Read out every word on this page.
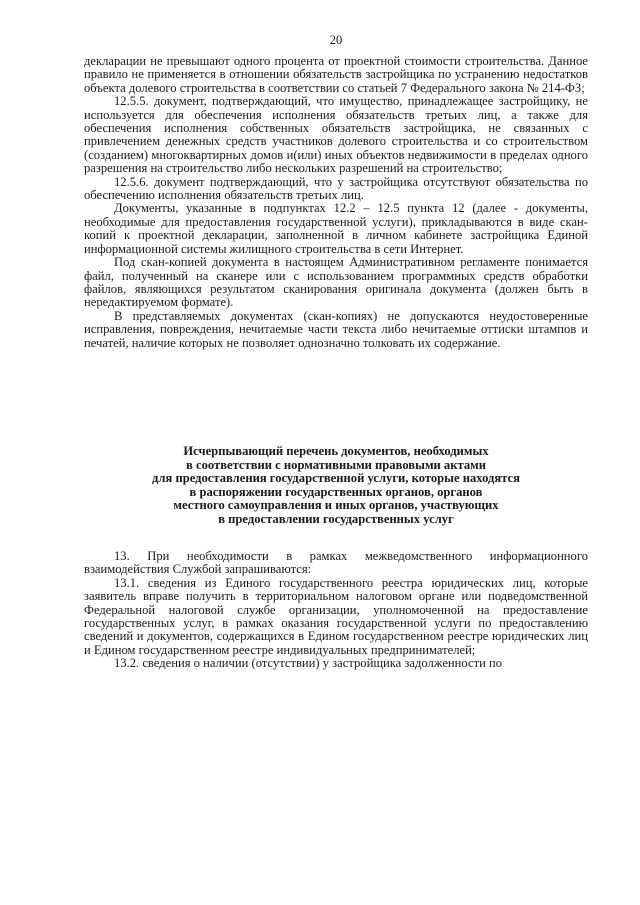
20

декларации не превышают одного процента от проектной стоимости строительства. Данное правило не применяется в отношении обязательств застройщика по устранению недостатков объекта долевого строительства в соответствии со статьей 7 Федерального закона № 214-ФЗ;

12.5.5. документ, подтверждающий, что имущество, принадлежащее застройщику, не используется для обеспечения исполнения обязательств третьих лиц, а также для обеспечения исполнения собственных обязательств застройщика, не связанных с привлечением денежных средств участников долевого строительства и со строительством (созданием) многоквартирных домов и(или) иных объектов недвижимости в пределах одного разрешения на строительство либо нескольких разрешений на строительство;

12.5.6. документ подтверждающий, что у застройщика отсутствуют обязательства по обеспечению исполнения обязательств третьих лиц.

Документы, указанные в подпунктах 12.2 – 12.5 пункта 12 (далее - документы, необходимые для предоставления государственной услуги), прикладываются в виде скан-копий к проектной декларации, заполненной в личном кабинете застройщика Единой информационной системы жилищного строительства в сети Интернет.

Под скан-копией документа в настоящем Административном регламенте понимается файл, полученный на сканере или с использованием программных средств обработки файлов, являющихся результатом сканирования оригинала документа (должен быть в нередактируемом формате).

В представляемых документах (скан-копиях) не допускаются неудостоверенные исправления, повреждения, нечитаемые части текста либо нечитаемые оттиски штампов и печатей, наличие которых не позволяет однозначно толковать их содержание.

Исчерпывающий перечень документов, необходимых
в соответствии с нормативными правовыми актами
для предоставления государственной услуги, которые находятся
в распоряжении государственных органов, органов
местного самоуправления и иных органов, участвующих
в предоставлении государственных услуг

13. При необходимости в рамках межведомственного информационного взаимодействия Службой запрашиваются:

13.1. сведения из Единого государственного реестра юридических лиц, которые заявитель вправе получить в территориальном налоговом органе или подведомственной Федеральной налоговой службе организации, уполномоченной на предоставление государственных услуг, в рамках оказания государственной услуги по предоставлению сведений и документов, содержащихся в Едином государственном реестре юридических лиц и Едином государственном реестре индивидуальных предпринимателей;

13.2. сведения о наличии (отсутствии) у застройщика задолженности по
